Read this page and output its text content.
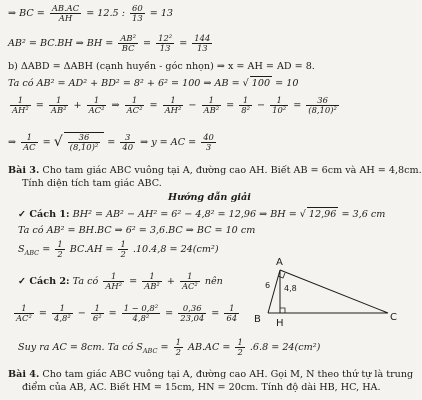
⇒ BC = $\frac{AB.AC}{AH} = 12.5$ : $\frac{60}{13} = 13$
AB² = BC.BH ⇒ BH = $\frac{\text{AB²}}{BC} = \frac{\text{12²}}{13} = \frac{144}{13}$
b) ΔABD = ΔABH (cạnh huyền - góc nhọn) ⇒ x = AH = AD = 8.
Ta có AB² = AD² + BD² = 8² + 6² = 100 ⇒ AB = √ 100 = 10
$\frac{1}{\text{AH²}} = \frac{1}{\text{AB²}} + \frac{1}{\text{AC²}}$ ⇒ $\frac{1}{\text{AC²}} = \frac{1}{\text{AH²}} - \frac{1}{\text{AB²}} = \frac{1}{\text{8²}} - \frac{1}{\text{10²}} = \frac{36}{\text{(8,10)²}}$
⇒ $\frac{1}{AC}$ = √ $\frac{36}{\text{(8,10)²}} = \frac{3}{40}$ ⇒ y = AC = $\frac{40}{3}$
Bài 3. Cho tam giác ABC vuông tại A, đường cao AH. Biết AB = 6cm và AH = 4,8cm.
Tính diện tích tam giác ABC.
Hướng dẫn giải
✓ Cách 1: BH² = AB² − AH² = 6² − 4,8² = 12,96 ⇒ BH = √ 12,96 = 3,6 cm
Ta có AB² = BH.BC ⇒ 6² = 3,6.BC ⇒ BC = 10 cm
$S_{ABC} = \frac{1}{2} BC.AH = \frac{1}{2} .10.4,8 = 24(cm^2)$
✓ Cách 2: Ta có $\frac{1}{\text{AH²}} = \frac{1}{\text{AB²}} + \frac{1}{\text{AC²}}$ nên
$\frac{1}{\text{AC²}} = \frac{1}{\text{4,8²}} - \frac{1}{\text{6²}} = \frac{\text{1 − 0,8²}}{\text{4,8²}} = \frac{0,36}{23,04} = \frac{1}{64}$
Suy ra AC = 8cm. Ta có $S_{ABC} = \frac{1}{2} AB.AC = \frac{1}{2} .6.8 = 24(cm^2)$
Bài 4. Cho tam giác ABC vuông tại A, đường cao AH. Gọi M, N theo thứ tự là trung
điểm của AB, AC. Biết HM = 15cm, HN = 20cm. Tính độ dài HB, HC, HA.
A
B	C
H
6 4,8
